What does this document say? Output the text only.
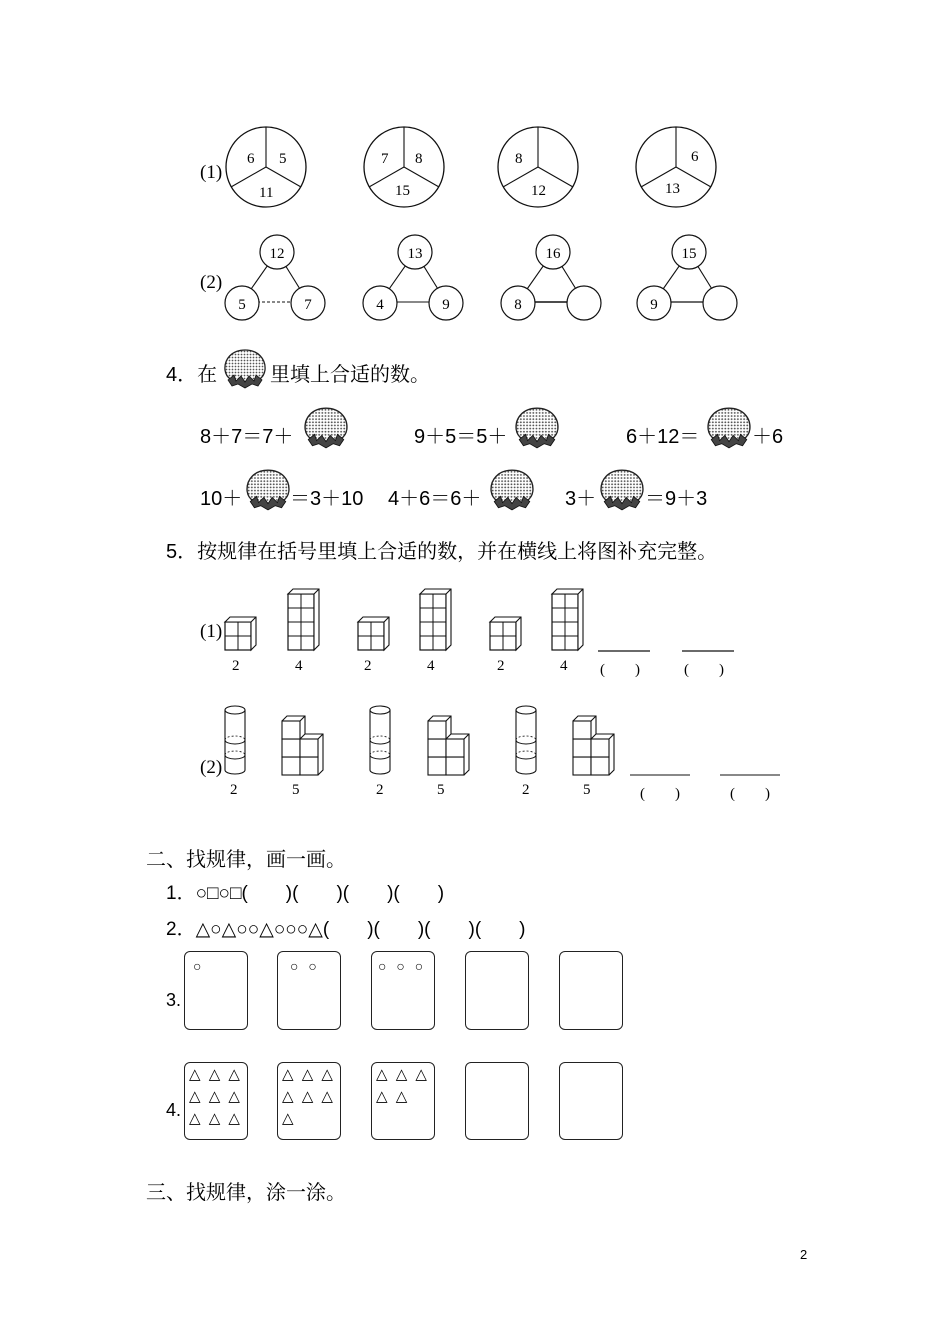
(1)
6 5
11
7 8
15
8
12
6
13
(2)
12
5	7
13
4	9
16
8
15
9
4．在	里填上合适的数。
8＋7＝7＋	9＋5＝5＋	6＋12＝	＋6
10＋ ＝3＋10 4＋6＝6＋	3＋ ＝9＋3
5．按规律在括号里填上合适的数，并在横线上将图补充完整。
(1)
2	4	2	4	2	4 (　　)	(　　)
(2)
2	5	2	5	2	5	(　　)	(　　)
二、找规律，画一画。
1．○□○□(　　)(　　)(　　)(　　)
2．△○△○○△○○○△(　　)(　　)(　　)(　　)
3.
○	○ ○	○ ○ ○
4.
△ △ △
△ △ △
△ △ △
△ △ △
△ △ △
△
△ △ △
△ △
三、找规律，涂一涂。
2
